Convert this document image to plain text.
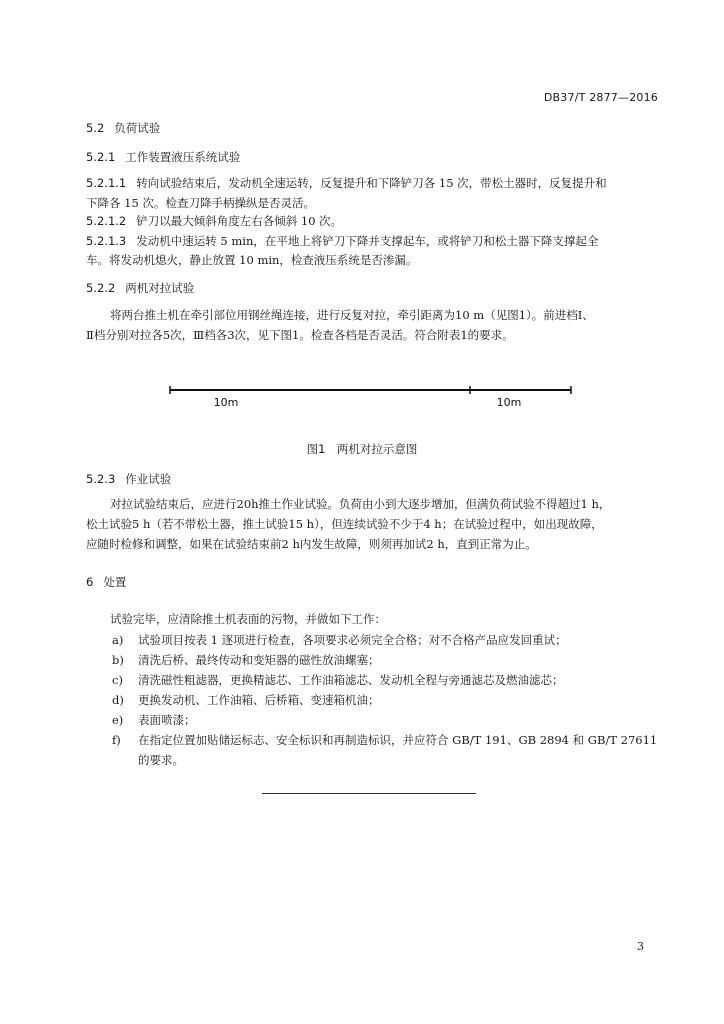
DB37/T 2877—2016
5.2 负荷试验
5.2.1 工作装置液压系统试验
5.2.1.1 转向试验结束后，发动机全速运转，反复提升和下降铲刀各 15 次，带松土器时，反复提升和
下降各 15 次。检查刀降手柄操纵是否灵活。
5.2.1.2 铲刀以最大倾斜角度左右各倾斜 10 次。
5.2.1.3 发动机中速运转 5 min，在平地上将铲刀下降并支撑起车，或将铲刀和松土器下降支撑起全
车。将发动机熄火，静止放置 10 min，检查液压系统是否渗漏。
5.2.2 两机对拉试验
将两台推土机在牵引部位用钢丝绳连接，进行反复对拉，牵引距离为10 m（见图1）。前进档Ⅰ、
Ⅱ档分别对拉各5次，Ⅲ档各3次，见下图1。检查各档是否灵活。符合附表1的要求。
10m	10m
图1　两机对拉示意图
5.2.3 作业试验
对拉试验结束后，应进行20h推土作业试验。负荷由小到大逐步增加，但满负荷试验不得超过1 h，
松土试验5 h（若不带松土器，推土试验15 h），但连续试验不少于4 h；在试验过程中，如出现故障，
应随时检修和调整，如果在试验结束前2 h内发生故障，则须再加试2 h，直到正常为止。
6 处置
试验完毕，应清除推土机表面的污物，并做如下工作：
a) 试验项目按表 1 逐项进行检查，各项要求必须完全合格；对不合格产品应发回重试；
b) 清洗后桥、最终传动和变矩器的磁性放油螺塞；
c) 清洗磁性粗滤器，更换精滤芯、工作油箱滤芯、发动机全程与旁通滤芯及燃油滤芯；
d) 更换发动机、工作油箱、后桥箱、变速箱机油；
e) 表面喷漆；
f) 在指定位置加贴储运标志、安全标识和再制造标识，并应符合 GB/T 191、GB 2894 和 GB/T 27611
的要求。
3
